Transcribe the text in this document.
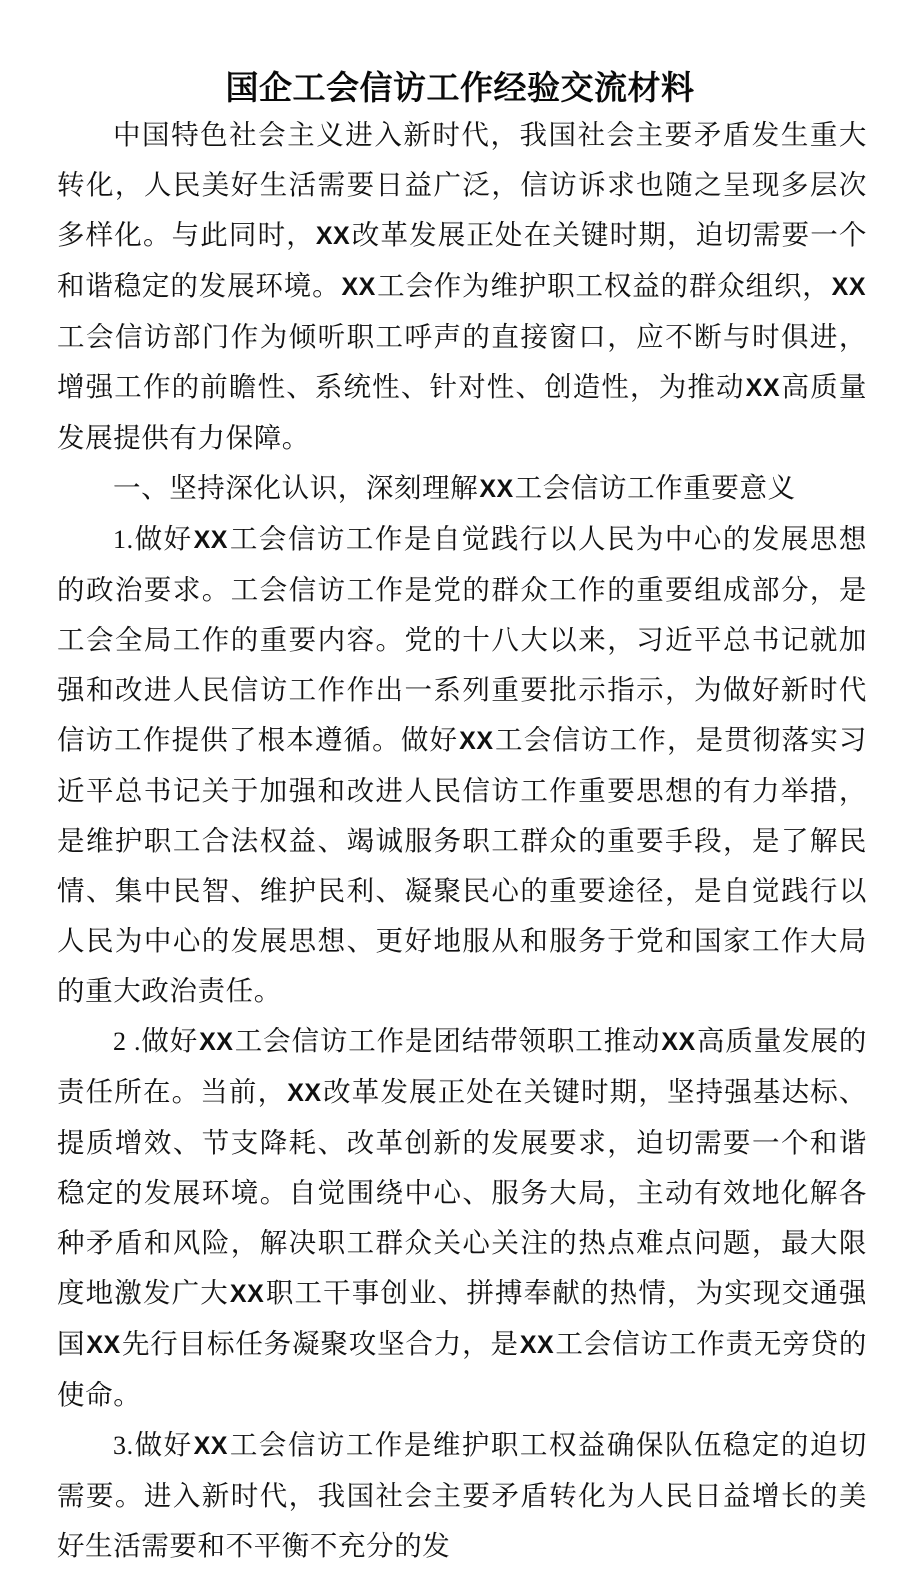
国企工会信访工作经验交流材料

中国特色社会主义进入新时代，我国社会主要矛盾发生重大转化，人民美好生活需要日益广泛，信访诉求也随之呈现多层次多样化。与此同时，XX改革发展正处在关键时期，迫切需要一个和谐稳定的发展环境。XX工会作为维护职工权益的群众组织，XX工会信访部门作为倾听职工呼声的直接窗口，应不断与时俱进，增强工作的前瞻性、系统性、针对性、创造性，为推动XX高质量发展提供有力保障。

一、坚持深化认识，深刻理解XX工会信访工作重要意义

1.做好XX工会信访工作是自觉践行以人民为中心的发展思想的政治要求。工会信访工作是党的群众工作的重要组成部分，是工会全局工作的重要内容。党的十八大以来，习近平总书记就加强和改进人民信访工作作出一系列重要批示指示，为做好新时代信访工作提供了根本遵循。做好XX工会信访工作，是贯彻落实习近平总书记关于加强和改进人民信访工作重要思想的有力举措，是维护职工合法权益、竭诚服务职工群众的重要手段，是了解民情、集中民智、维护民利、凝聚民心的重要途径，是自觉践行以人民为中心的发展思想、更好地服从和服务于党和国家工作大局的重大政治责任。

2 .做好XX工会信访工作是团结带领职工推动XX高质量发展的责任所在。当前，XX改革发展正处在关键时期，坚持强基达标、提质增效、节支降耗、改革创新的发展要求，迫切需要一个和谐稳定的发展环境。自觉围绕中心、服务大局，主动有效地化解各种矛盾和风险，解决职工群众关心关注的热点难点问题，最大限度地激发广大XX职工干事创业、拼搏奉献的热情，为实现交通强国XX先行目标任务凝聚攻坚合力，是XX工会信访工作责无旁贷的使命。

3.做好XX工会信访工作是维护职工权益确保队伍稳定的迫切需要。进入新时代，我国社会主要矛盾转化为人民日益增长的美好生活需要和不平衡不充分的发
